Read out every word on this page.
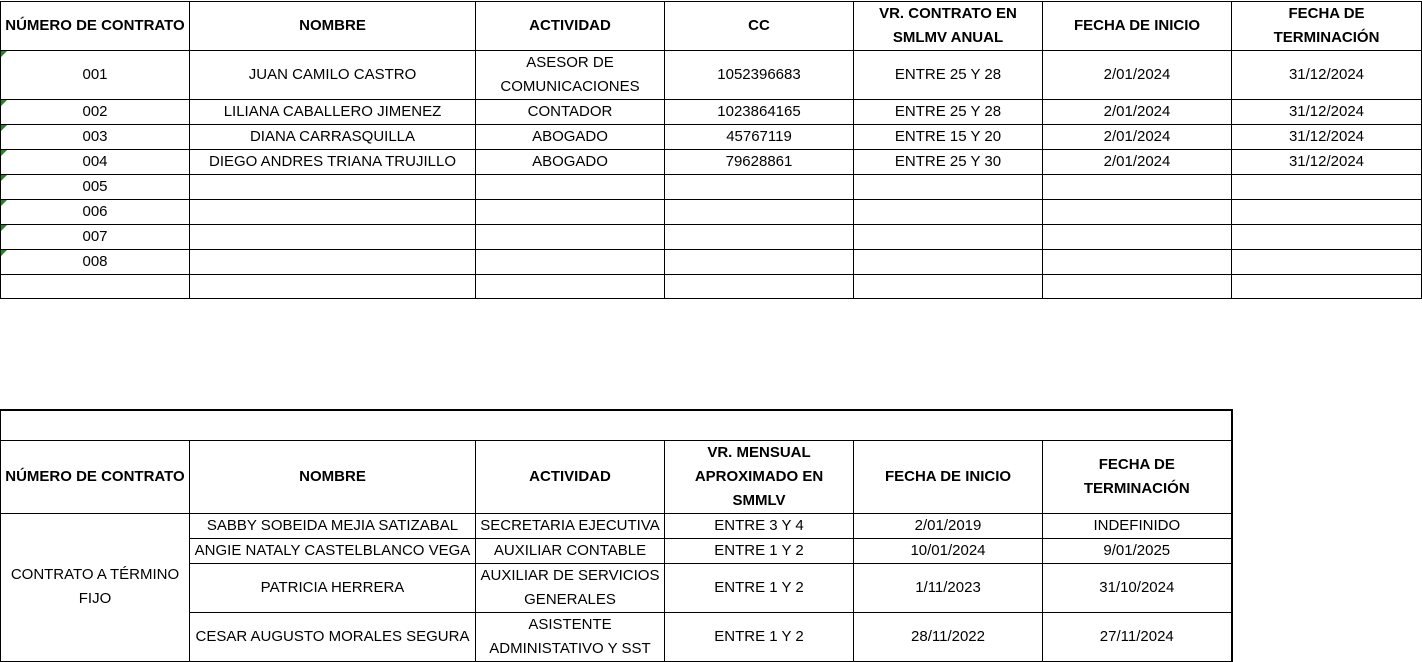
NÚMERO DE CONTRATO	NOMBRE	ACTIVIDAD	CC	VR. CONTRATO EN SMLMV ANUAL	FECHA DE INICIO	FECHA DE TERMINACIÓN
001	JUAN CAMILO CASTRO	ASESOR DE COMUNICACIONES	1052396683	ENTRE 25 Y 28	2/01/2024	31/12/2024
002	LILIANA CABALLERO JIMENEZ	CONTADOR	1023864165	ENTRE 25 Y 28	2/01/2024	31/12/2024
003	DIANA CARRASQUILLA	ABOGADO	45767119	ENTRE 15 Y 20	2/01/2024	31/12/2024
004	DIEGO ANDRES TRIANA TRUJILLO	ABOGADO	79628861	ENTRE 25 Y 30	2/01/2024	31/12/2024
005						
006						
007						
008						

NÚMERO DE CONTRATO	NOMBRE	ACTIVIDAD	VR. MENSUAL APROXIMADO EN SMMLV	FECHA DE INICIO	FECHA DE TERMINACIÓN
CONTRATO A TÉRMINO FIJO	SABBY SOBEIDA MEJIA SATIZABAL	SECRETARIA EJECUTIVA	ENTRE 3 Y 4	2/01/2019	INDEFINIDO
	ANGIE NATALY CASTELBLANCO VEGA	AUXILIAR CONTABLE	ENTRE 1 Y 2	10/01/2024	9/01/2025
	PATRICIA HERRERA	AUXILIAR DE SERVICIOS GENERALES	ENTRE 1 Y 2	1/11/2023	31/10/2024
	CESAR AUGUSTO MORALES SEGURA	ASISTENTE ADMINISTATIVO Y SST	ENTRE 1 Y 2	28/11/2022	27/11/2024
